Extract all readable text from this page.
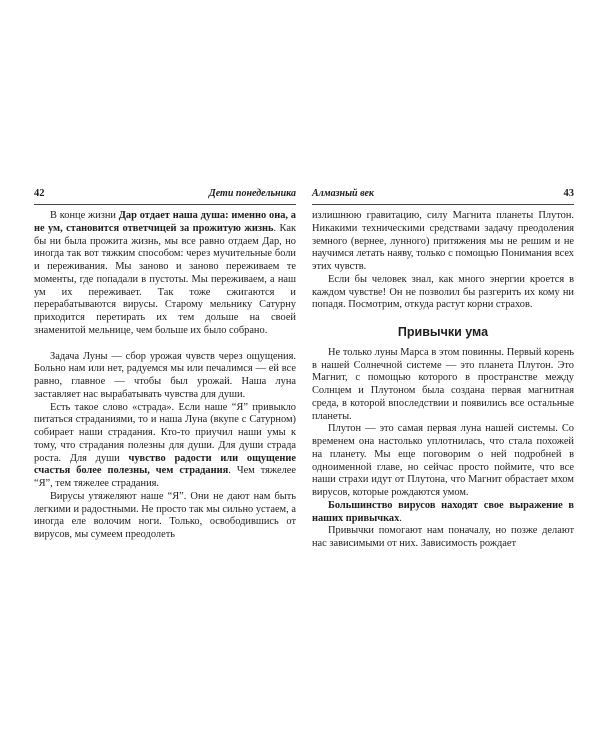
42	Дети понедельника

В конце жизни Дар отдает наша душа: именно она, а не ум, становится ответчицей за прожитую жизнь. Как бы ни была прожита жизнь, мы все равно отдаем Дар, но иногда так вот тяжким способом: через мучительные боли и переживания. Мы заново и заново переживаем те моменты, где попадали в пустоты. Мы переживаем, а наш ум их переживает. Так тоже сжигаются и перерабатываются вирусы. Старому мельнику Сатурну приходится перетирать их тем дольше на своей знаменитой мельнице, чем больше их было собрано.

Задача Луны — сбор урожая чувств через ощущения. Больно нам или нет, радуемся мы или печалимся — ей все равно, главное — чтобы был урожай. Наша луна заставляет нас вырабатывать чувства для души.

Есть такое слово «страда». Если наше “Я” привыкло питаться страданиями, то и наша Луна (вкупе с Сатурном) собирает наши страдания. Кто-то приучил наши умы к тому, что страдания полезны для души. Для души страда роста. Для души чувство радости или ощущение счастья более полезны, чем страдания. Чем тяжелее “Я”, тем тяжелее страдания.

Вирусы утяжеляют наше “Я”. Они не дают нам быть легкими и радостными. Не просто так мы сильно устаем, а иногда еле волочим ноги. Только, освободившись от вирусов, мы сумеем преодолеть

Алмазный век	43

излишнюю гравитацию, силу Магнита планеты Плутон. Никакими техническими средствами задачу преодоления земного (вернее, лунного) притяжения мы не решим и не научимся летать наяву, только с помощью Понимания всех этих чувств.

Если бы человек знал, как много энергии кроется в каждом чувстве! Он не позволил бы разгерить их кому ни попадя. Посмотрим, откуда растут корни страхов.

Привычки ума

Не только луны Марса в этом повинны. Первый корень в нашей Солнечной системе — это планета Плутон. Это Магнит, с помощью которого в пространстве между Солнцем и Плутоном была создана первая магнитная среда, в которой впоследствии и появились все остальные планеты.

Плутон — это самая первая луна нашей системы. Со временем она настолько уплотнилась, что стала похожей на планету. Мы еще поговорим о ней подробней в одноименной главе, но сейчас просто поймите, что все наши страхи идут от Плутона, что Магнит обрастает мхом вирусов, которые рождаются умом.

Большинство вирусов находят свое выражение в наших привычках.

Привычки помогают нам поначалу, но позже делают нас зависимыми от них. Зависимость рождает
